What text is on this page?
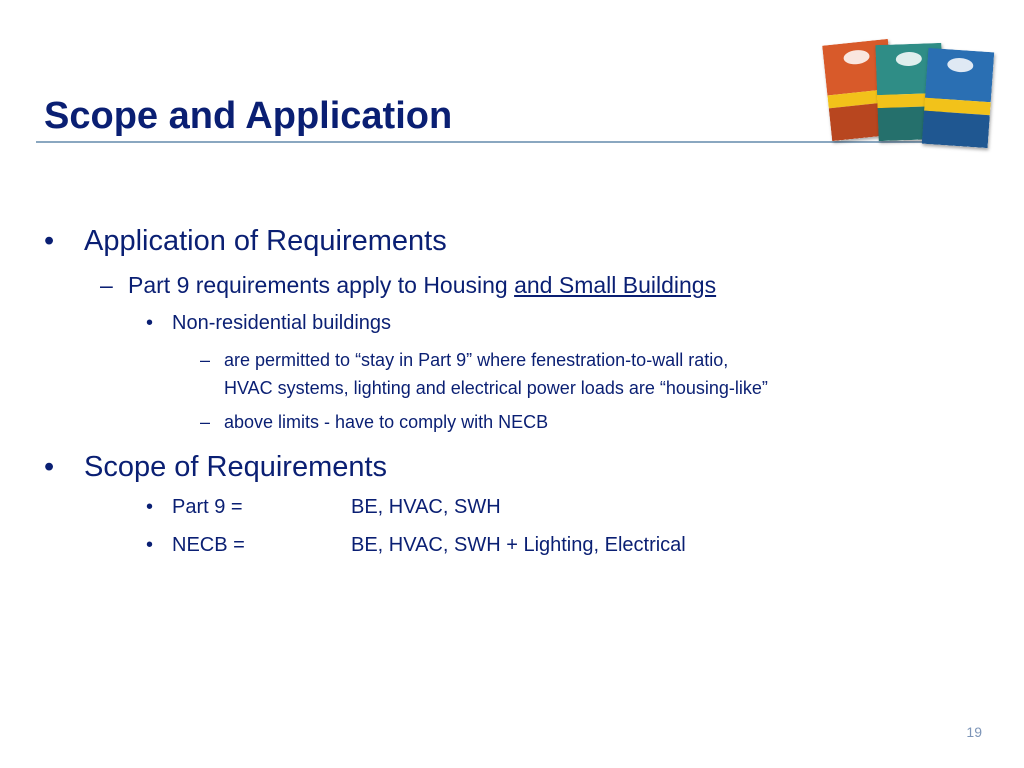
Scope and Application
• Application of Requirements
– Part 9 requirements apply to Housing and Small Buildings
• Non-residential buildings
– are permitted to “stay in Part 9” where fenestration-to-wall ratio,
HVAC systems, lighting and electrical power loads are “housing-like”
– above limits - have to comply with NECB
• Scope of Requirements
• Part 9 =	BE, HVAC, SWH
• NECB =	BE, HVAC, SWH + Lighting, Electrical
19
